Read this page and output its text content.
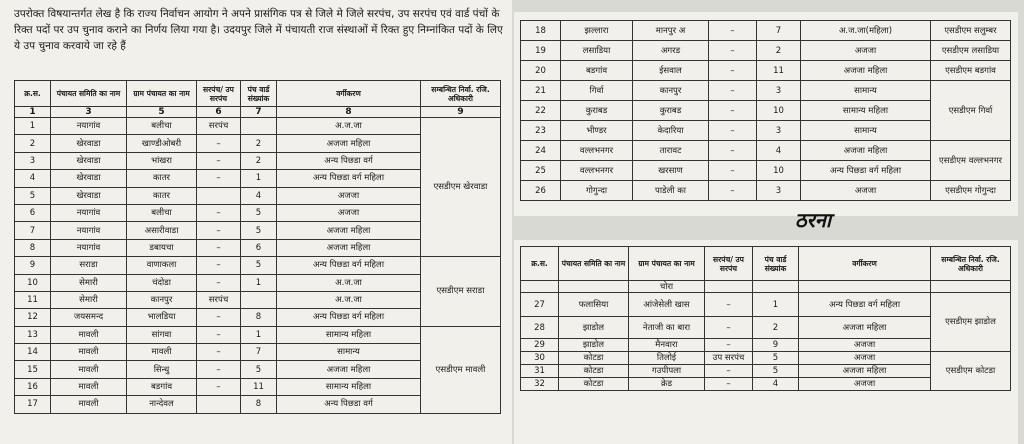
उपरोक्त विषयान्तर्गत लेख है कि राज्य निर्वाचन आयोग ने अपने प्रासंगिक पत्र से जिले मे जिले सरपंच, उप सरपंच एवं वार्ड पंचों के रिक्त पदों पर उप चुनाव कराने का निर्णय लिया गया है। उदयपुर जिले में पंचायती राज संस्थाओं में रिक्त हुए निम्नांकित पदों के लिए ये उप चुनाव करवाये जा रहे हैं
क्र.स.	पंचायत समिति का नाम	ग्राम पंचायत का नाम	सरपंच/ उप सरपंच	पंच वार्ड संख्यांक	वर्गीकरण	सम्बन्धित निर्वा. रजि. अधिकारी
1	3	5	6	7	8	9
1	नयागांव	बलीचा	सरपंच		अ.ज.जा	एसडीएम खेरवाडा
2	खेरवाडा	खाण्डीओबरी	–	2	अजजा महिला	
3	खेरवाडा	भांखरा	–	2	अन्य पिछडा वर्ग	
4	खेरवाडा	कातर	–	1	अन्य पिछडा वर्ग महिला	
5	खेरवाडा	कातर		4	अजजा	
6	नयागांव	बलीचा	–	5	अजजा	
7	नयागांव	असारीवाडा	–	5	अजजा महिला	
8	नयागांव	डबायचा	–	6	अजजा महिला	
9	सराडा	वाणाकला	–	5	अन्य पिछडा वर्ग महिला	एसडीएम सराडा
10	सेमारी	चंदोडा	–	1	अ.ज.जा	
11	सेमारी	कानपुर	सरपंच		अ.ज.जा	
12	जयसमन्द	भालडिया	–	8	अन्य पिछडा वर्ग महिला	
13	मावली	सांगवा	–	1	सामान्य महिला	एसडीएम मावली
14	मावली	मावली	–	7	सामान्य	
15	मावली	सिन्धु	–	5	अजजा महिला	
16	मावली	बडगांव	–	11	सामान्य महिला	
17	मावली	नान्देवल		8	अन्य पिछडा वर्ग	
18	झल्लारा	मानपुर अ	–	7	अ.ज.जा(महिला)	एसडीएम सलुम्बर
19	लसाडिया	अगरड	–	2	अजजा	एसडीएम लसाडिया
20	बडगांव	ईसवाल	–	11	अजजा महिला	एसडीएम बडगांव
21	गिर्वा	कानपुर	–	3	सामान्य	एसडीएम गिर्वा
22	कुराबड	कुराबड	–	10	सामान्य महिला	
23	भीण्डर	केदारिया	–	3	सामान्य	
24	वल्लभनगर	तारावट	–	4	अजजा महिला	एसडीएम वल्लभनगर
25	वल्लभनगर	खरसाण	–	10	अन्य पिछडा वर्ग महिला	
26	गोगुन्दा	पाडेली का	–	3	अजजा	एसडीएम गोगुन्दा
ठरना
क्र.स.	पंचायत समिति का नाम	ग्राम पंचायत का नाम	सरपंच/ उप सरपंच	पंच वार्ड संख्यांक	वर्गीकरण	सम्बन्धित निर्वा. रजि. अधिकारी
		चोरा				
27	फलासिया	आंजेसेली खास	–	1	अन्य पिछडा वर्ग महिला	एसडीएम झाडोल
28	झाडोल	नेताजी का बारा	–	2	अजजा महिला	
29	झाडोल	मैनवारा	–	9	अजजा	
30	कोटडा	तिलोई	उप सरपंच	5	अजजा	एसडीएम कोटडा
31	कोटडा	गउपीपला	–	5	अजजा महिला	
32	कोटडा	क्रेड	–	4	अजजा	
